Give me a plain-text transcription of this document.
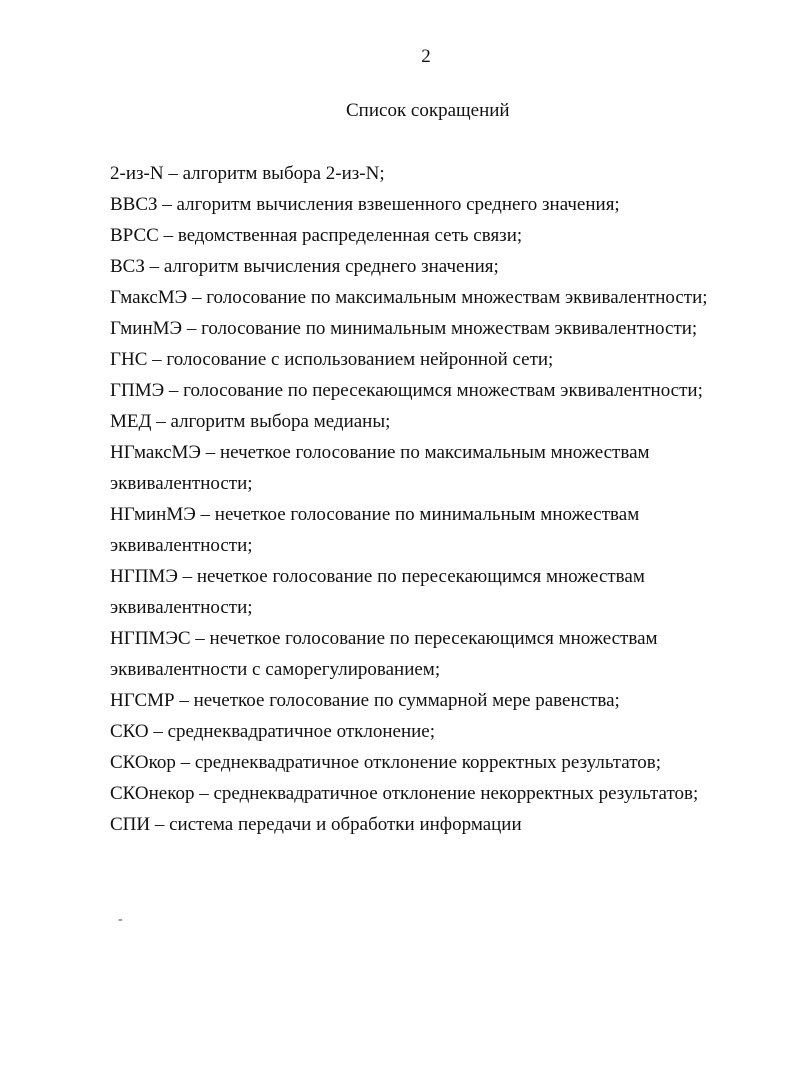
2
Список сокращений
2-из-N – алгоритм выбора 2-из-N;
ВВСЗ – алгоритм вычисления взвешенного среднего значения;
ВРСС – ведомственная распределенная сеть связи;
ВСЗ – алгоритм вычисления среднего значения;
ГмаксМЭ – голосование по максимальным множествам эквивалентности;
ГминМЭ – голосование по минимальным множествам эквивалентности;
ГНС – голосование с использованием нейронной сети;
ГПМЭ – голосование по пересекающимся множествам эквивалентности;
МЕД – алгоритм выбора медианы;
НГмаксМЭ – нечеткое голосование по максимальным множествам
эквивалентности;
НГминМЭ – нечеткое голосование по минимальным множествам
эквивалентности;
НГПМЭ – нечеткое голосование по пересекающимся множествам
эквивалентности;
НГПМЭС – нечеткое голосование по пересекающимся множествам
эквивалентности с саморегулированием;
НГСМР – нечеткое голосование по суммарной мере равенства;
СКО – среднеквадратичное отклонение;
СКОкор – среднеквадратичное отклонение корректных результатов;
СКОнекор – среднеквадратичное отклонение некорректных результатов;
СПИ – система передачи и обработки информации
-
